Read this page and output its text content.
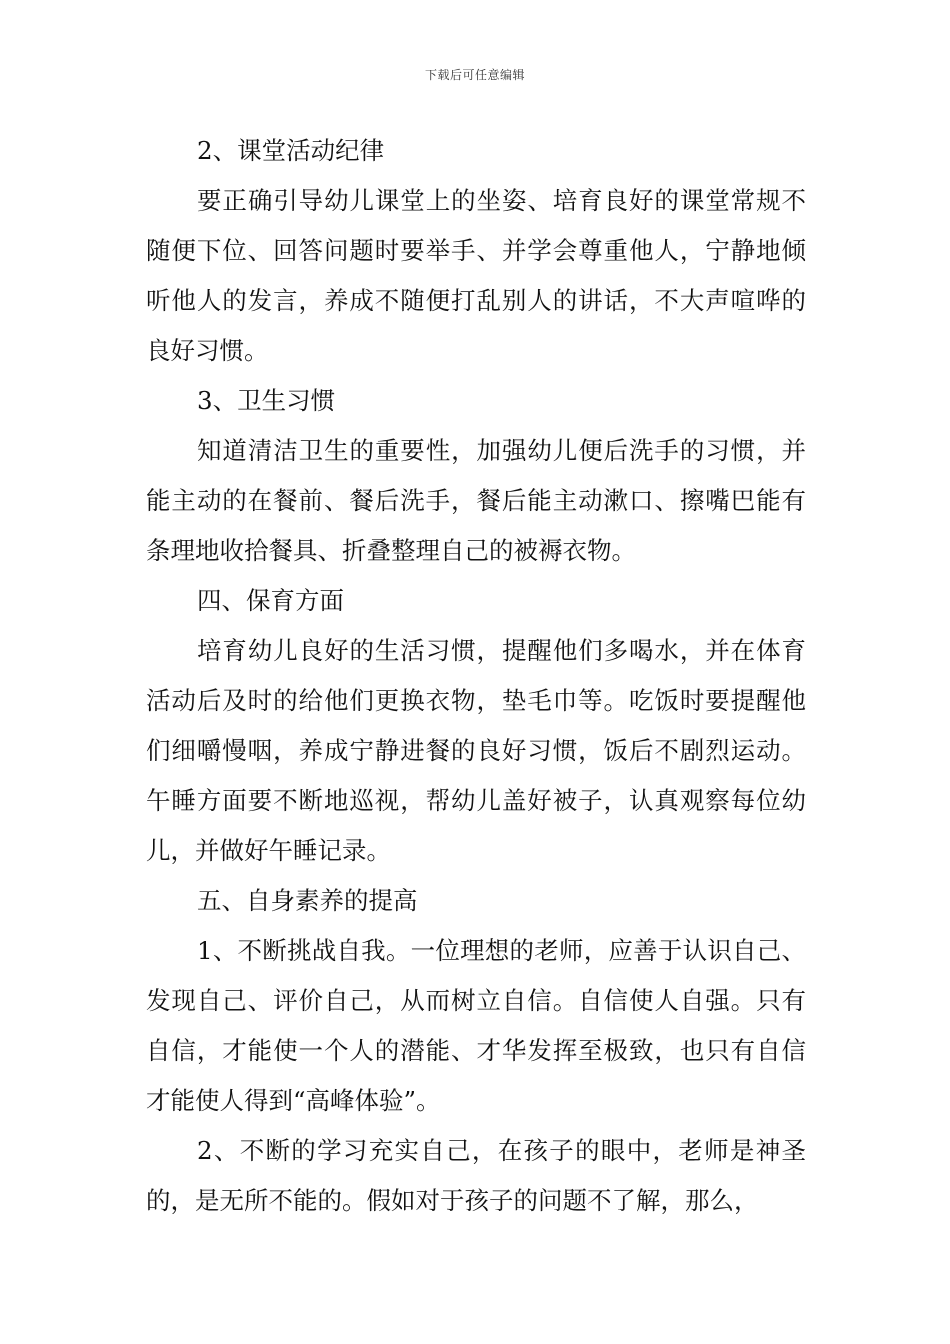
下载后可任意编辑

2、课堂活动纪律

要正确引导幼儿课堂上的坐姿、培育良好的课堂常规不随便下位、回答问题时要举手、并学会尊重他人，宁静地倾听他人的发言，养成不随便打乱别人的讲话，不大声喧哗的良好习惯。

3、卫生习惯

知道清洁卫生的重要性，加强幼儿便后洗手的习惯，并能主动的在餐前、餐后洗手，餐后能主动漱口、擦嘴巴能有条理地收拾餐具、折叠整理自己的被褥衣物。

四、保育方面

培育幼儿良好的生活习惯，提醒他们多喝水，并在体育活动后及时的给他们更换衣物，垫毛巾等。吃饭时要提醒他们细嚼慢咽，养成宁静进餐的良好习惯，饭后不剧烈运动。午睡方面要不断地巡视，帮幼儿盖好被子，认真观察每位幼儿，并做好午睡记录。

五、自身素养的提高

1、不断挑战自我。一位理想的老师，应善于认识自己、发现自己、评价自己，从而树立自信。自信使人自强。只有自信，才能使一个人的潜能、才华发挥至极致，也只有自信才能使人得到“高峰体验”。

2、不断的学习充实自己，在孩子的眼中，老师是神圣的，是无所不能的。假如对于孩子的问题不了解，那么，
